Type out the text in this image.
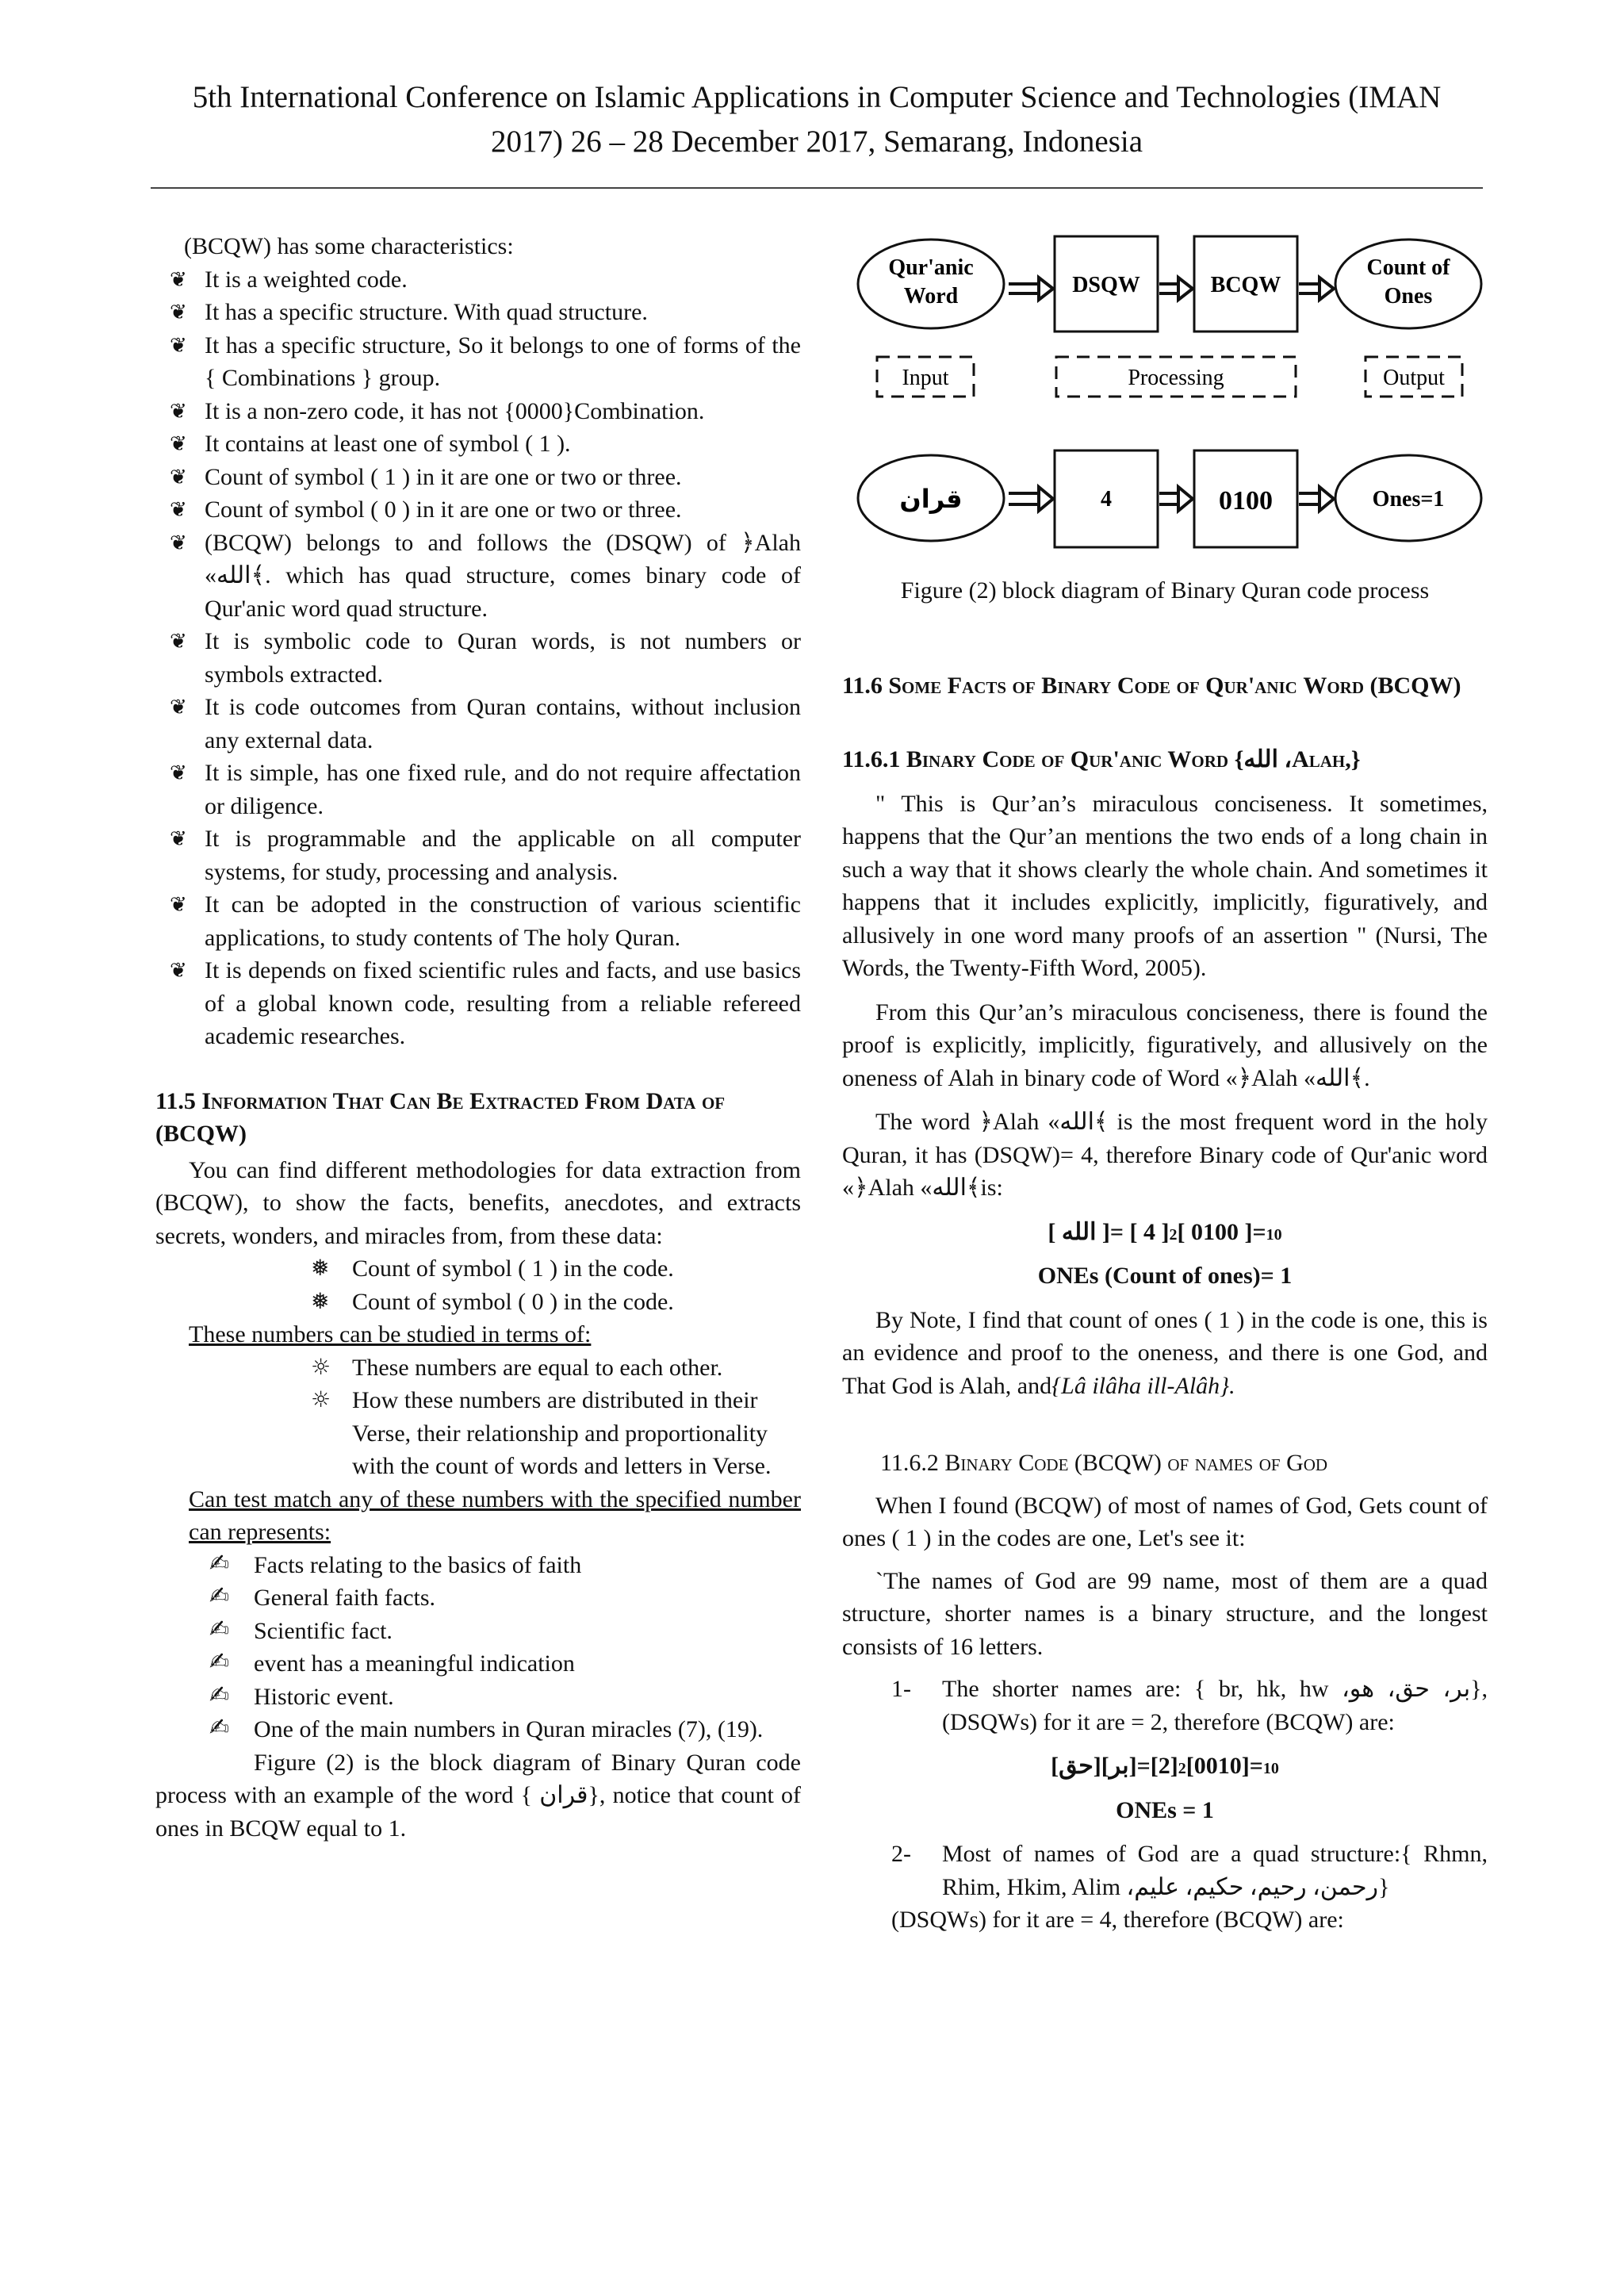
5th International Conference on Islamic Applications in Computer Science and Technologies (IMAN
2017) 26 – 28 December 2017, Semarang, Indonesia

(BCQW) has some characteristics:

❦ It is a weighted code.
❦ It has a specific structure. With quad structure.
❦ It has a specific structure, So it belongs to one of forms of the { Combinations } group.
❦ It is a non-zero code, it has not {0000}Combination.
❦ It contains at least one of symbol ( 1 ).
❦ Count of symbol ( 1 ) in it are one or two or three.
❦ Count of symbol ( 0 ) in it are one or two or three.
❦ (BCQW) belongs to and follows the (DSQW) of ﴿Alah «الله﴾. which has quad structure, comes binary code of Qur'anic word quad structure.
❦ It is symbolic code to Quran words, is not numbers or symbols extracted.
❦ It is code outcomes from Quran contains, without inclusion any external data.
❦ It is simple, has one fixed rule, and do not require affectation or diligence.
❦ It is programmable and the applicable on all computer systems, for study, processing and analysis.
❦ It can be adopted in the construction of various scientific applications, to study contents of The holy Quran.
❦ It is depends on fixed scientific rules and facts, and use basics of a global known code, resulting from a reliable refereed academic researches.
11.5 Information That Can Be Extracted From Data of (BCQW)

You can find different methodologies for data extraction from (BCQW), to show the facts, benefits, anecdotes, and extracts secrets, wonders, and miracles from, from these data:

❅ Count of symbol ( 1 ) in the code.
❅ Count of symbol ( 0 ) in the code.

These numbers can be studied in terms of:

☼ These numbers are equal to each other.
☼ How these numbers are distributed in their Verse, their relationship and proportionality with the count of words and letters in Verse.

Can test match any of these numbers with the specified number can represents:

✍ Facts relating to the basics of faith
✍ General faith facts.
✍ Scientific fact.
✍ event has a meaningful indication
✍ Historic event.
✍ One of the main numbers in Quran miracles (7), (19).

Figure (2) is the block diagram of Binary Quran code process with an example of the word { قران}, notice that count of ones in BCQW equal to 1.

Qur'anic
Word	DSQW	BCQW
Count of
Ones
Input	Processing	Output
قران	4	0100	Ones=1

Figure (2) block diagram of Binary Quran code process

11.6 Some Facts of Binary Code of Qur'anic Word (BCQW)
11.6.1 Binary Code of Qur'anic Word {الله ،Alah,}

" This is Qur’an’s miraculous conciseness. It sometimes, happens that the Qur’an mentions the two ends of a long chain in such a way that it shows clearly the whole chain. And sometimes it happens that it includes explicitly, implicitly, figuratively, and allusively in one word many proofs of an assertion " (Nursi, The Words, the Twenty-Fifth Word, 2005).

From this Qur’an’s miraculous conciseness, there is found the proof is explicitly, implicitly, figuratively, and allusively on the oneness of Alah in binary code of Word «﴿Alah «الله﴾.

The word ﴿Alah «الله﴾ is the most frequent word in the holy Quran, it has (DSQW)= 4, therefore Binary code of Qur'anic word «﴿Alah «الله﴾is:

[ الله ]= [ 4 ]	10=[ 0100 ]2

ONEs (Count of ones)= 1

By Note, I find that count of ones ( 1 ) in the code is one, this is an evidence and proof to the oneness, and there is one God, and That God is Alah, and{Lâ ilâha ill-Alâh}.

11.6.2 Binary Code (BCQW) of names of God

When I found (BCQW) of most of names of God, Gets count of ones ( 1 ) in the codes are one, Let's see it:

`The names of God are 99 name, most of them are a quad structure, shorter names is a binary structure, and the longest consists of 16 letters.

1- The shorter names are: { br, hk, hw ،بر، حق، هو}, (DSQWs) for it are = 2, therefore (BCQW) are:

[حق][بر]=[2]	10=[0010]2

ONEs = 1

2- Most of names of God are a quad structure:{ Rhmn, Rhim, Hkim, Alim ،رحمن، رحيم، حكيم، عليم}

(DSQWs) for it are = 4, therefore (BCQW) are:
